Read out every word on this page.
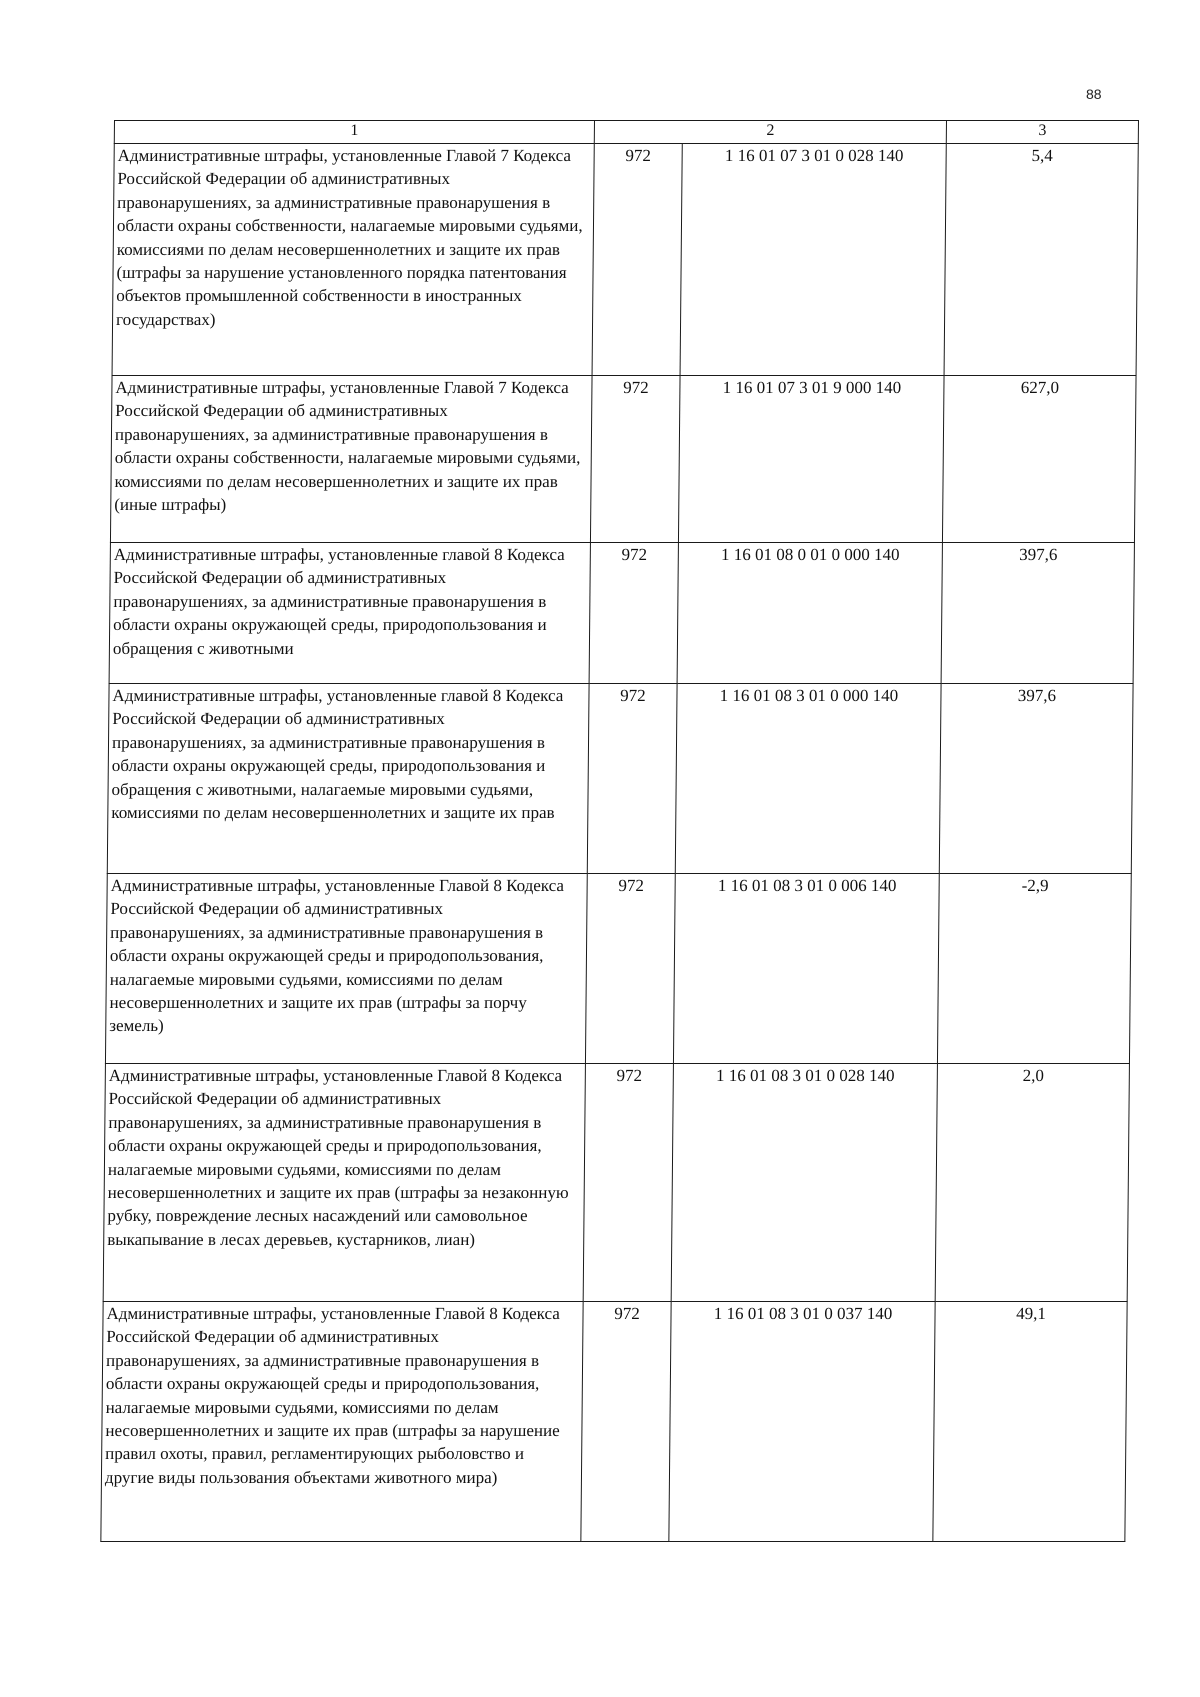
88
1	2		3
Административные штрафы, установленные Главой 7 Кодекса Российской Федерации об административных правонарушениях, за административные правонарушения в области охраны собственности, налагаемые мировыми судьями, комиссиями по делам несовершеннолетних и защите их прав (штрафы за нарушение установленного порядка патентования объектов промышленной собственности в иностранных государствах)	972	1 16 01 07 3 01 0 028 140	5,4
Административные штрафы, установленные Главой 7 Кодекса Российской Федерации об административных правонарушениях, за административные правонарушения в области охраны собственности, налагаемые мировыми судьями, комиссиями по делам несовершеннолетних и защите их прав (иные штрафы)	972	1 16 01 07 3 01 9 000 140	627,0
Административные штрафы, установленные главой 8 Кодекса Российской Федерации об административных правонарушениях, за административные правонарушения в области охраны окружающей среды, природопользования и обращения с животными	972	1 16 01 08 0 01 0 000 140	397,6
Административные штрафы, установленные главой 8 Кодекса Российской Федерации об административных правонарушениях, за административные правонарушения в области охраны окружающей среды, природопользования и обращения с животными, налагаемые мировыми судьями, комиссиями по делам несовершеннолетних и защите их прав	972	1 16 01 08 3 01 0 000 140	397,6
Административные штрафы, установленные Главой 8 Кодекса Российской Федерации об административных правонарушениях, за административные правонарушения в области охраны окружающей среды и природопользования, налагаемые мировыми судьями, комиссиями по делам несовершеннолетних и защите их прав (штрафы за порчу земель)	972	1 16 01 08 3 01 0 006 140	-2,9
Административные штрафы, установленные Главой 8 Кодекса Российской Федерации об административных правонарушениях, за административные правонарушения в области охраны окружающей среды и природопользования, налагаемые мировыми судьями, комиссиями по делам несовершеннолетних и защите их прав (штрафы за незаконную рубку, повреждение лесных насаждений или самовольное выкапывание в лесах деревьев, кустарников, лиан)	972	1 16 01 08 3 01 0 028 140	2,0
Административные штрафы, установленные Главой 8 Кодекса Российской Федерации об административных правонарушениях, за административные правонарушения в области охраны окружающей среды и природопользования, налагаемые мировыми судьями, комиссиями по делам несовершеннолетних и защите их прав (штрафы за нарушение правил охоты, правил, регламентирующих рыболовство и другие виды пользования объектами животного мира)	972	1 16 01 08 3 01 0 037 140	49,1
